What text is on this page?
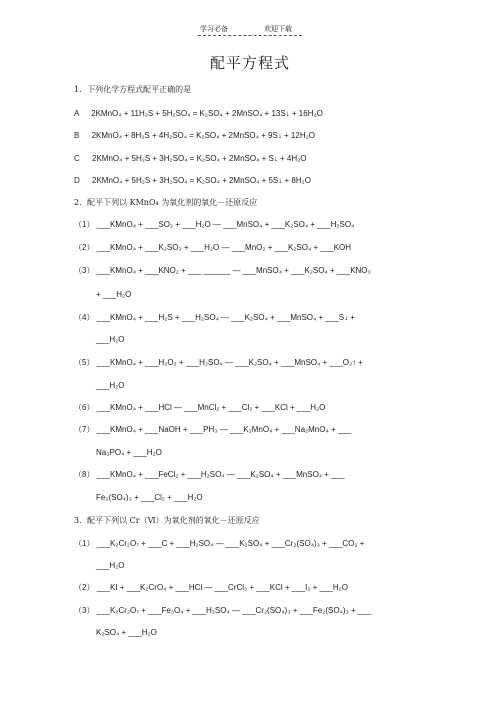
学习必备	欢迎下载
配平方程式
1．下列化学方程式配平正确的是
A 2KMnO₄ + 11H₂S + 5H₂SO₄ = K₂SO₄ + 2MnSO₄ + 13S↓ + 16H₂O
B 2KMnO₄ + 8H₂S + 4H₂SO₄ = K₂SO₄ + 2MnSO₄ + 9S↓ + 12H₂O
C 2KMnO₄ + 5H₂S + 3H₂SO₄ = K₂SO₄ + 2MnSO₄ + S↓ + 4H₂O
D 2KMnO₄ + 5H₂S + 3H₂SO₄ = K₂SO₄ + 2MnSO₄ + 5S↓ + 8H₂O
2．配平下列以 KMnO₄ 为氧化剂的氧化－还原反应
（1） ___KMnO₄ + ___SO₂ + ___H₂O — ___MnSO₄ + ___K₂SO₄ + ___H₂SO₄
（2） ___KMnO₄ + ___K₂SO₃ + ___H₂O — ___MnO₂ + ___K₂SO₄ + ___KOH
（3） ___KMnO₄ + ___KNO₂ + ___ ______ — ___MnSO₄ + ___K₂SO₄ + ___KNO₃
+ ___H₂O
（4） ___KMnO₄ + ___H₂S + ___H₂SO₄ — ___K₂SO₄ + ___MnSO₄ + ___S↓ +
___H₂O
（5） ___KMnO₄ + ___H₂O₂ + ___H₂SO₄ — ___K₂SO₄ + ___MnSO₄ + ___O₂↑ +
___H₂O
（6） ___KMnO₄ + ___HCl — ___MnCl₂ + ___Cl₂ + ___KCl + ___H₂O
（7） ___KMnO₄ + ___NaOH + ___PH₃ — ___K₂MnO₄ + ___Na₂MnO₄ + ___
Na₃PO₄ + ___H₂O
（8） ___KMnO₄ + ___FeCl₂ + ___H₂SO₄ — ___K₂SO₄ + ___MnSO₄ + ___
Fe₂(SO₄)₃ + ___Cl₂ + ___H₂O
3．配平下列以 Cr（Ⅵ）为氧化剂的氧化－还原反应
（1） ___K₂Cr₂O₇ + ___C + ___H₂SO₄ — ___K₂SO₄ + ___Cr₂(SO₄)₃ + ___CO₂ +
___H₂O
（2） ___KI + ___K₂CrO₄ + ___HCl — ___CrCl₃ + ___KCl + ___I₂ + ___H₂O
（3） ___K₂Cr₂O₇ + ___Fe₃O₄ + ___H₂SO₄ — ___Cr₂(SO₄)₃ + ___Fe₂(SO₄)₃ + ___
K₂SO₄ + ___H₂O
